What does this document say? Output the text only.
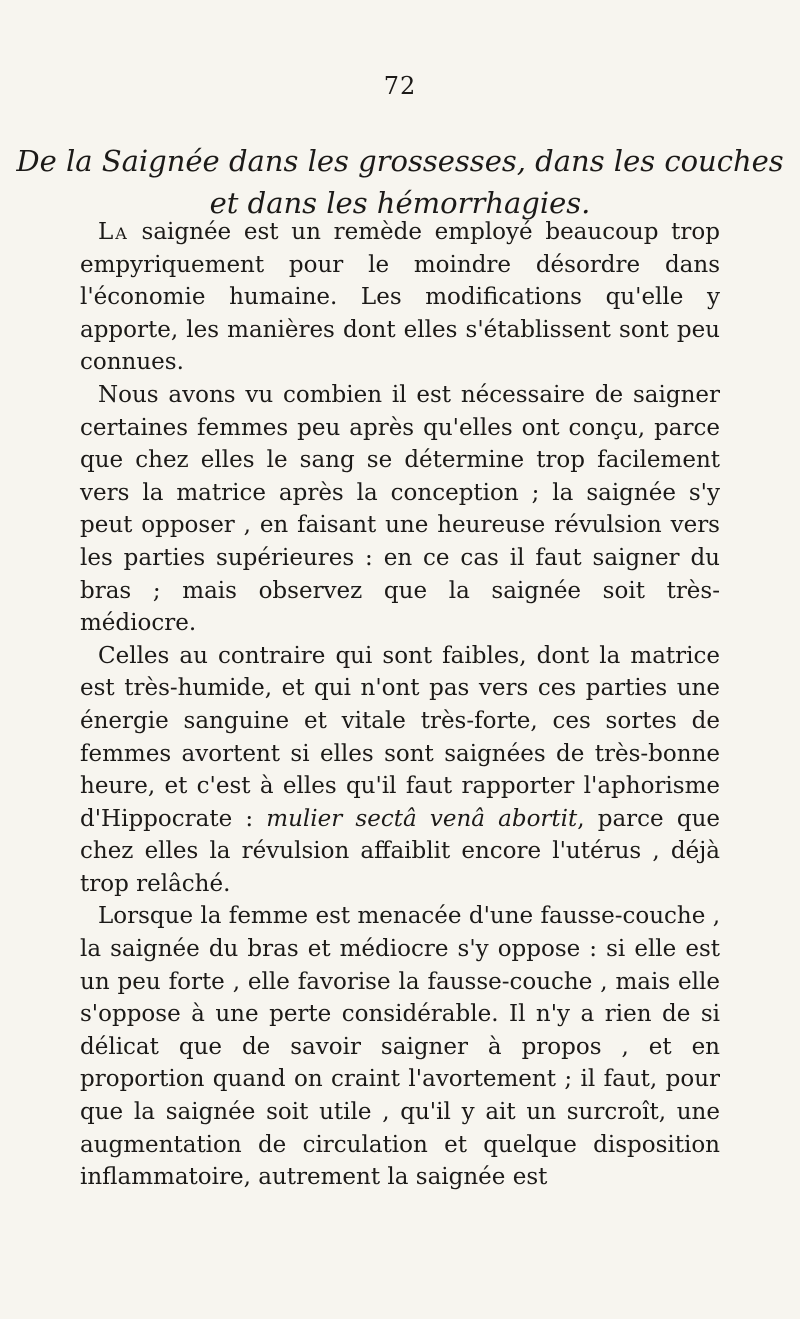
72
De la Saignée dans les grossesses, dans les couches
et dans les hémorrhagies.

La saignée est un remède employé beaucoup trop empyriquement pour le moindre désordre dans l'économie humaine. Les modifications qu'elle y apporte, les manières dont elles s'établissent sont peu connues.

Nous avons vu combien il est nécessaire de saigner certaines femmes peu après qu'elles ont conçu, parce que chez elles le sang se détermine trop facilement vers la matrice après la conception ; la saignée s'y peut opposer , en faisant une heureuse révulsion vers les parties supérieures : en ce cas il faut saigner du bras ; mais observez que la saignée soit très-médiocre.

Celles au contraire qui sont faibles, dont la matrice est très-humide, et qui n'ont pas vers ces parties une énergie sanguine et vitale très-forte, ces sortes de femmes avortent si elles sont saignées de très-bonne heure, et c'est à elles qu'il faut rapporter l'aphorisme d'Hippocrate : mulier sectâ venâ abortit, parce que chez elles la révulsion affaiblit encore l'utérus , déjà trop relâché.

Lorsque la femme est menacée d'une fausse-couche , la saignée du bras et médiocre s'y oppose : si elle est un peu forte , elle favorise la fausse-couche , mais elle s'oppose à une perte considérable. Il n'y a rien de si délicat que de savoir saigner à propos , et en proportion quand on craint l'avortement ; il faut, pour que la saignée soit utile , qu'il y ait un surcroît, une augmentation de circulation et quelque disposition inflammatoire, autrement la saignée est
